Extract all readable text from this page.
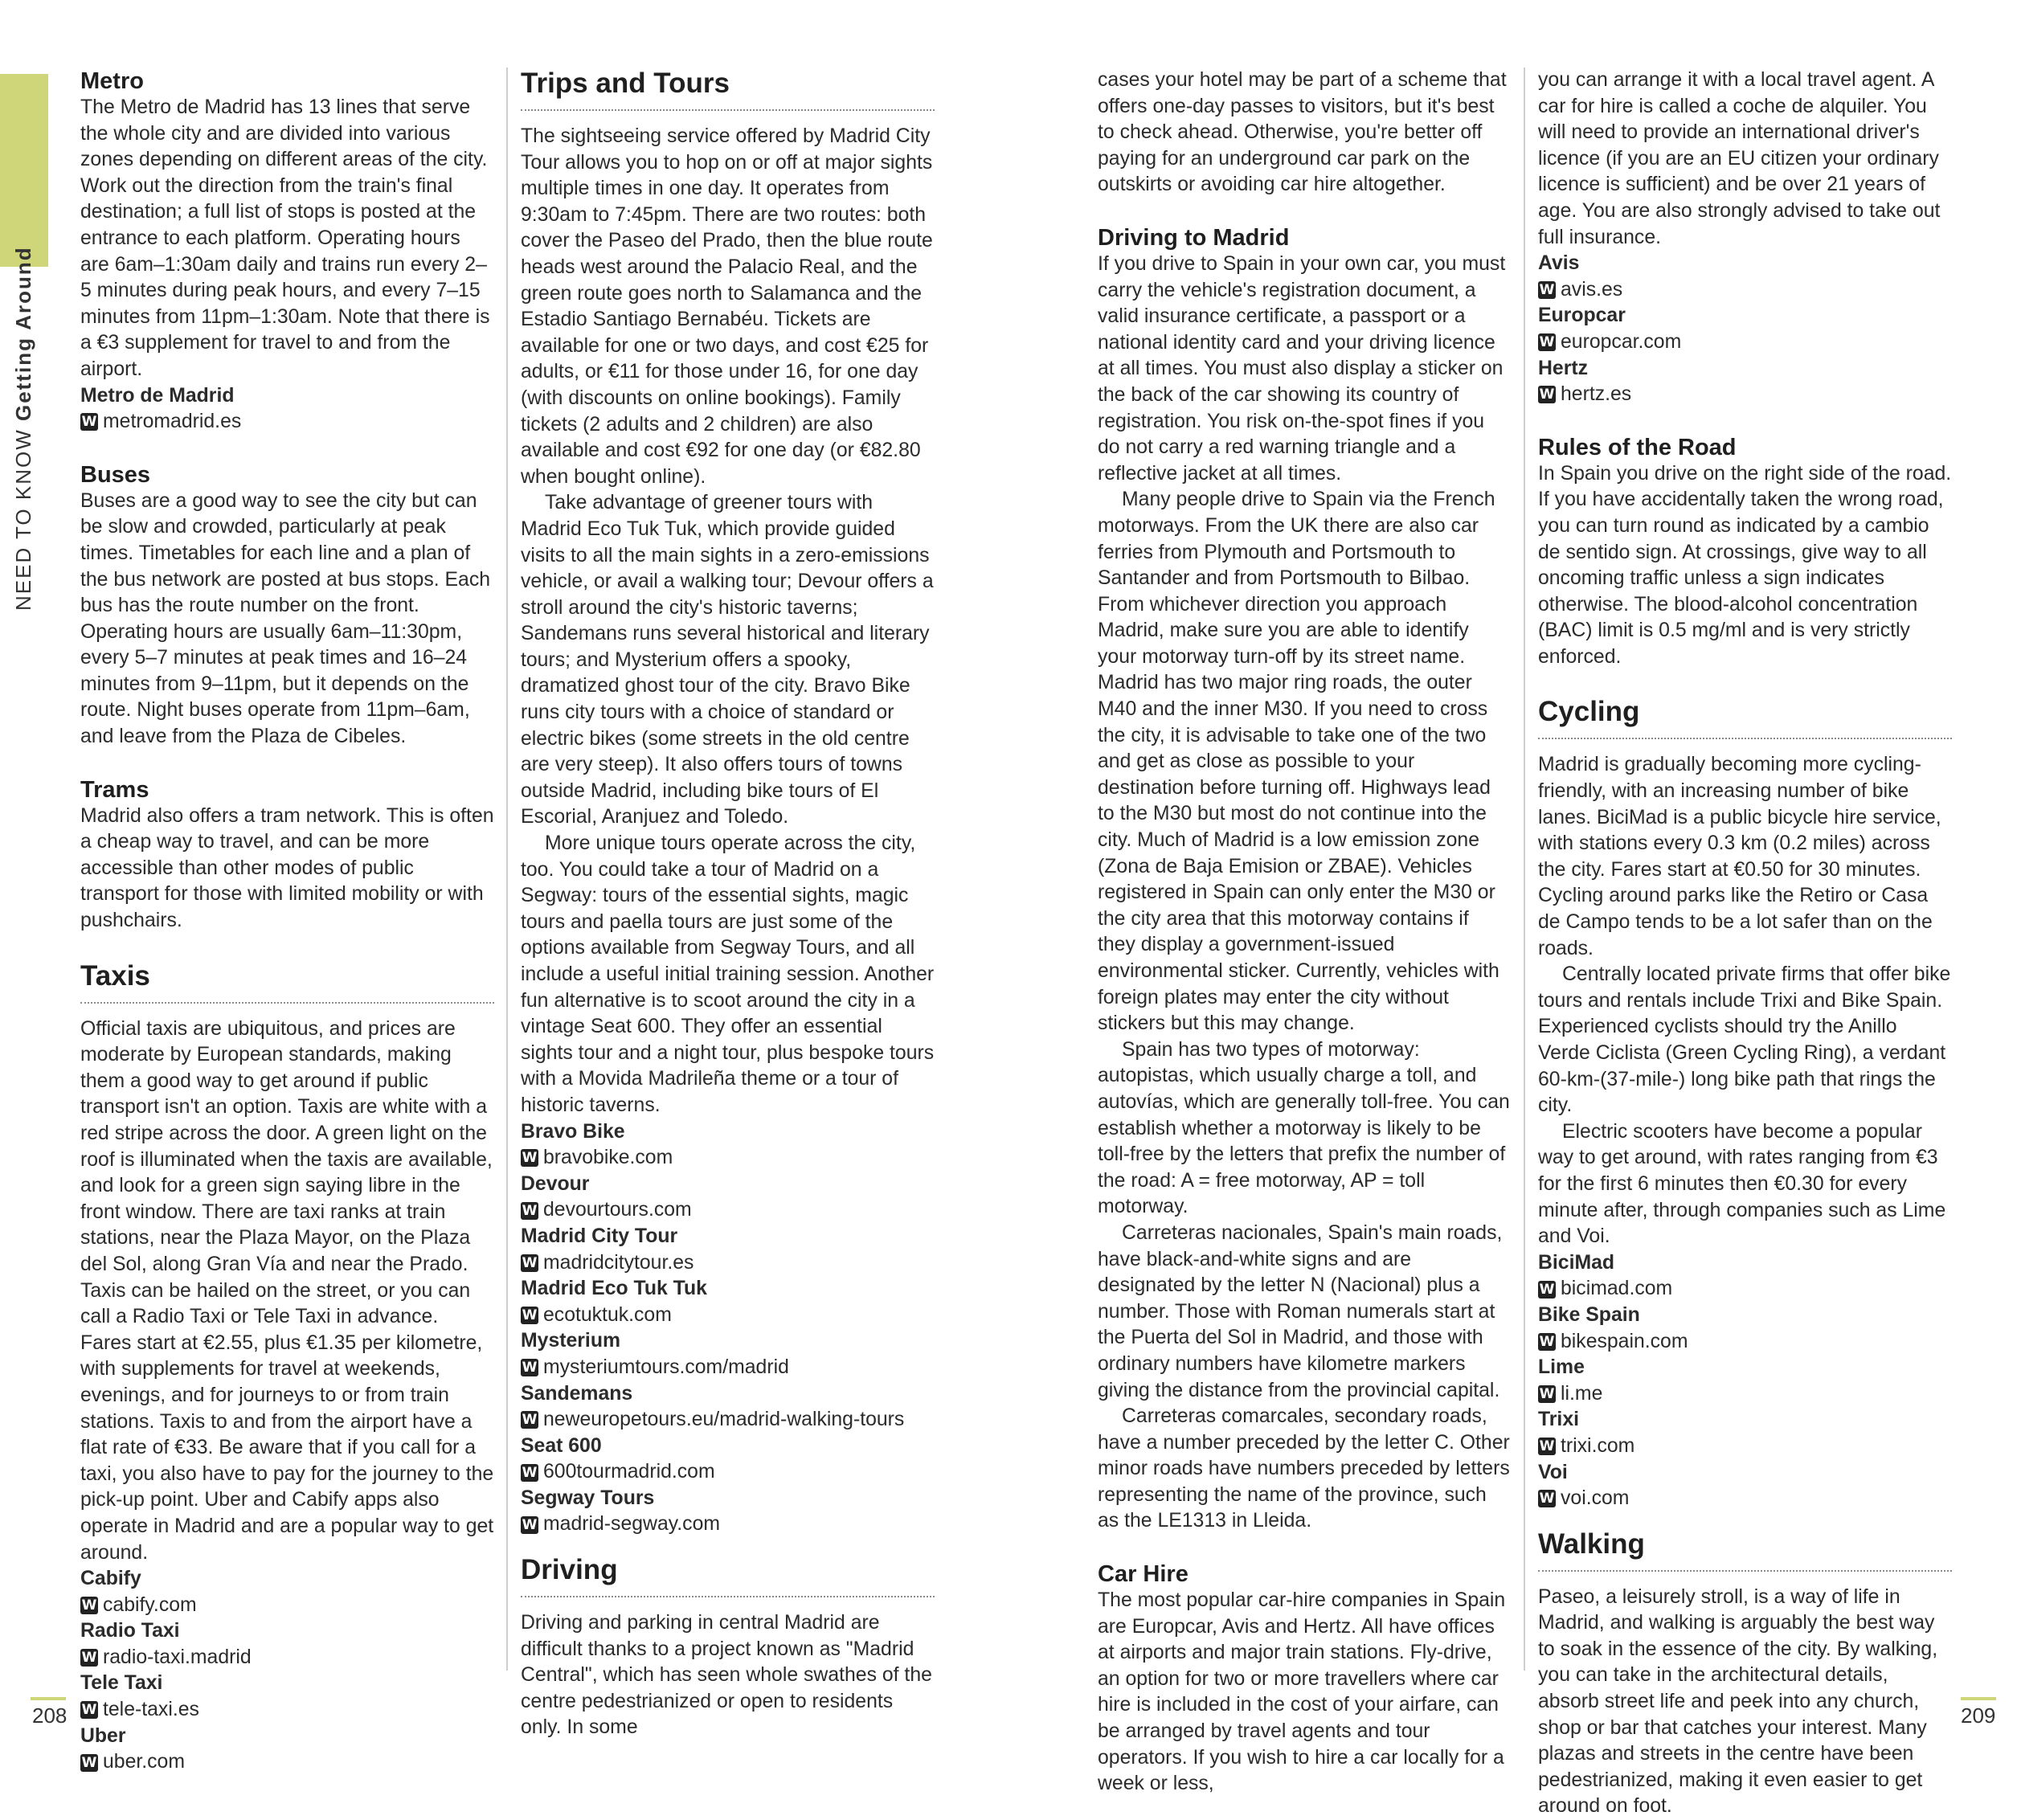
NEED TO KNOW Getting Around
Metro

The Metro de Madrid has 13 lines that serve the whole city and are divided into various zones depending on different areas of the city. Work out the direction from the train's final destination; a full list of stops is posted at the entrance to each platform. Operating hours are 6am–1:30am daily and trains run every 2–5 minutes during peak hours, and every 7–15 minutes from 11pm–1:30am. Note that there is a €3 supplement for travel to and from the airport.

Metro de Madrid
W metromadrid.es
Buses

Buses are a good way to see the city but can be slow and crowded, particularly at peak times. Timetables for each line and a plan of the bus network are posted at bus stops. Each bus has the route number on the front. Operating hours are usually 6am–11:30pm, every 5–7 minutes at peak times and 16–24 minutes from 9–11pm, but it depends on the route. Night buses operate from 11pm–6am, and leave from the Plaza de Cibeles.

Trams

Madrid also offers a tram network. This is often a cheap way to travel, and can be more accessible than other modes of public transport for those with limited mobility or with pushchairs.

Taxis

Official taxis are ubiquitous, and prices are moderate by European standards, making them a good way to get around if public transport isn't an option. Taxis are white with a red stripe across the door. A green light on the roof is illuminated when the taxis are available, and look for a green sign saying libre in the front window. There are taxi ranks at train stations, near the Plaza Mayor, on the Plaza del Sol, along Gran Vía and near the Prado. Taxis can be hailed on the street, or you can call a Radio Taxi or Tele Taxi in advance. Fares start at €2.55, plus €1.35 per kilometre, with supplements for travel at weekends, evenings, and for journeys to or from train stations. Taxis to and from the airport have a flat rate of €33. Be aware that if you call for a taxi, you also have to pay for the journey to the pick-up point. Uber and Cabify apps also operate in Madrid and are a popular way to get around.

Cabify
W cabify.com
Radio Taxi
W radio-taxi.madrid
Tele Taxi
W tele-taxi.es
Uber
W uber.com
Trips and Tours

The sightseeing service offered by Madrid City Tour allows you to hop on or off at major sights multiple times in one day. It operates from 9:30am to 7:45pm. There are two routes: both cover the Paseo del Prado, then the blue route heads west around the Palacio Real, and the green route goes north to Salamanca and the Estadio Santiago Bernabéu. Tickets are available for one or two days, and cost €25 for adults, or €11 for those under 16, for one day (with discounts on online bookings). Family tickets (2 adults and 2 children) are also available and cost €92 for one day (or €82.80 when bought online).

Take advantage of greener tours with Madrid Eco Tuk Tuk, which provide guided visits to all the main sights in a zero-emissions vehicle, or avail a walking tour; Devour offers a stroll around the city's historic taverns; Sandemans runs several historical and literary tours; and Mysterium offers a spooky, dramatized ghost tour of the city. Bravo Bike runs city tours with a choice of standard or electric bikes (some streets in the old centre are very steep). It also offers tours of towns outside Madrid, including bike tours of El Escorial, Aranjuez and Toledo.

More unique tours operate across the city, too. You could take a tour of Madrid on a Segway: tours of the essential sights, magic tours and paella tours are just some of the options available from Segway Tours, and all include a useful initial training session. Another fun alternative is to scoot around the city in a vintage Seat 600. They offer an essential sights tour and a night tour, plus bespoke tours with a Movida Madrileña theme or a tour of historic taverns.

Bravo Bike
W bravobike.com
Devour
W devourtours.com
Madrid City Tour
W madridcitytour.es
Madrid Eco Tuk Tuk
W ecotuktuk.com
Mysterium
W mysteriumtours.com/madrid
Sandemans
W neweuropetours.eu/madrid-walking-tours
Seat 600
W 600tourmadrid.com
Segway Tours
W madrid-segway.com
Driving

Driving and parking in central Madrid are difficult thanks to a project known as "Madrid Central", which has seen whole swathes of the centre pedestrianized or open to residents only. In some

208

cases your hotel may be part of a scheme that offers one-day passes to visitors, but it's best to check ahead. Otherwise, you're better off paying for an underground car park on the outskirts or avoiding car hire altogether.

Driving to Madrid

If you drive to Spain in your own car, you must carry the vehicle's registration document, a valid insurance certificate, a passport or a national identity card and your driving licence at all times. You must also display a sticker on the back of the car showing its country of registration. You risk on-the-spot fines if you do not carry a red warning triangle and a reflective jacket at all times.

Many people drive to Spain via the French motorways. From the UK there are also car ferries from Plymouth and Portsmouth to Santander and from Portsmouth to Bilbao. From whichever direction you approach Madrid, make sure you are able to identify your motorway turn-off by its street name. Madrid has two major ring roads, the outer M40 and the inner M30. If you need to cross the city, it is advisable to take one of the two and get as close as possible to your destination before turning off. Highways lead to the M30 but most do not continue into the city. Much of Madrid is a low emission zone (Zona de Baja Emision or ZBAE). Vehicles registered in Spain can only enter the M30 or the city area that this motorway contains if they display a government-issued environmental sticker. Currently, vehicles with foreign plates may enter the city without stickers but this may change.

Spain has two types of motorway: autopistas, which usually charge a toll, and autovías, which are generally toll-free. You can establish whether a motorway is likely to be toll-free by the letters that prefix the number of the road: A = free motorway, AP = toll motorway.

Carreteras nacionales, Spain's main roads, have black-and-white signs and are designated by the letter N (Nacional) plus a number. Those with Roman numerals start at the Puerta del Sol in Madrid, and those with ordinary numbers have kilometre markers giving the distance from the provincial capital.

Carreteras comarcales, secondary roads, have a number preceded by the letter C. Other minor roads have numbers preceded by letters representing the name of the province, such as the LE1313 in Lleida.

Car Hire

The most popular car-hire companies in Spain are Europcar, Avis and Hertz. All have offices at airports and major train stations. Fly-drive, an option for two or more travellers where car hire is included in the cost of your airfare, can be arranged by travel agents and tour operators. If you wish to hire a car locally for a week or less,

you can arrange it with a local travel agent. A car for hire is called a coche de alquiler. You will need to provide an international driver's licence (if you are an EU citizen your ordinary licence is sufficient) and be over 21 years of age. You are also strongly advised to take out full insurance.

Avis
W avis.es
Europcar
W europcar.com
Hertz
W hertz.es
Rules of the Road

In Spain you drive on the right side of the road. If you have accidentally taken the wrong road, you can turn round as indicated by a cambio de sentido sign. At crossings, give way to all oncoming traffic unless a sign indicates otherwise. The blood-alcohol concentration (BAC) limit is 0.5 mg/ml and is very strictly enforced.

Cycling

Madrid is gradually becoming more cycling-friendly, with an increasing number of bike lanes. BiciMad is a public bicycle hire service, with stations every 0.3 km (0.2 miles) across the city. Fares start at €0.50 for 30 minutes. Cycling around parks like the Retiro or Casa de Campo tends to be a lot safer than on the roads.

Centrally located private firms that offer bike tours and rentals include Trixi and Bike Spain. Experienced cyclists should try the Anillo Verde Ciclista (Green Cycling Ring), a verdant 60-km-(37-mile-) long bike path that rings the city.

Electric scooters have become a popular way to get around, with rates ranging from €3 for the first 6 minutes then €0.30 for every minute after, through companies such as Lime and Voi.

BiciMad
W bicimad.com
Bike Spain
W bikespain.com
Lime
W li.me
Trixi
W trixi.com
Voi
W voi.com
Walking

Paseo, a leisurely stroll, is a way of life in Madrid, and walking is arguably the best way to soak in the essence of the city. By walking, you can take in the architectural details, absorb street life and peek into any church, shop or bar that catches your interest. Many plazas and streets in the centre have been pedestrianized, making it even easier to get around on foot.

209
